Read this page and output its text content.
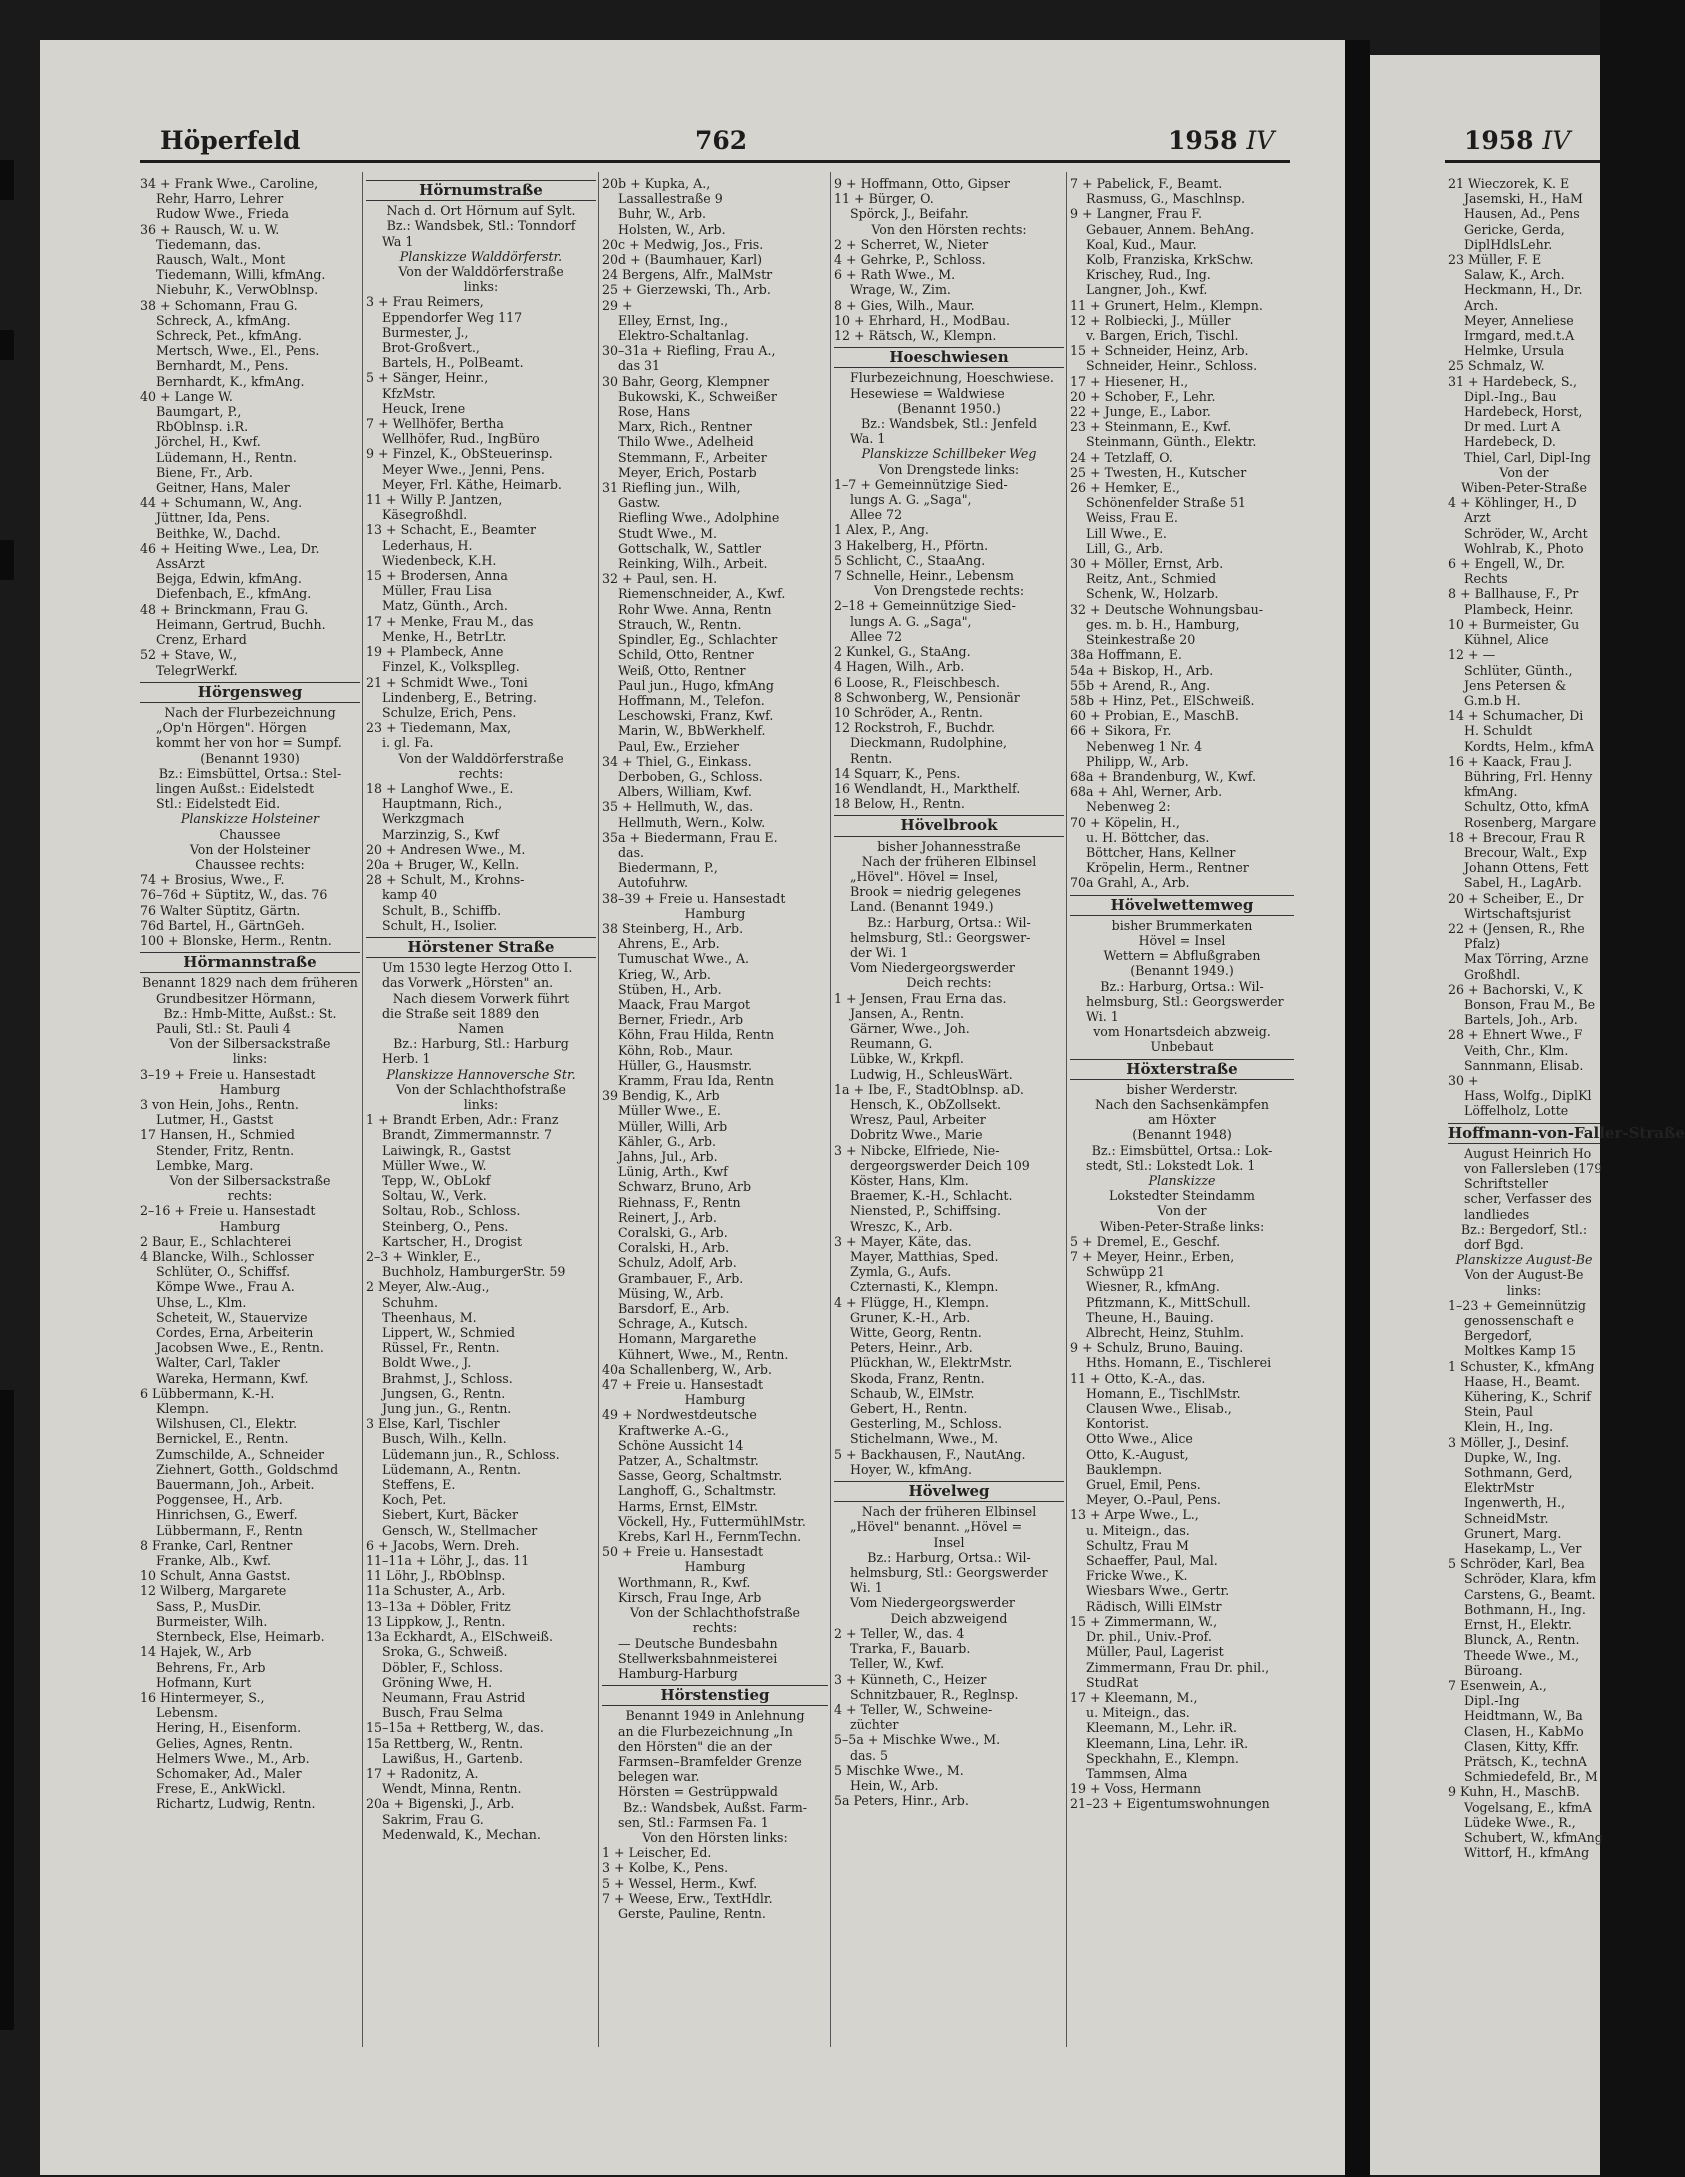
Höperfeld	762	1958 IV	1958 IV
34 + Frank Wwe., Caroline,
Rehr, Harro, Lehrer
Rudow Wwe., Frieda
36 + Rausch, W. u. W.
Tiedemann, das.
Rausch, Walt., Mont
Tiedemann, Willi, kfmAng.
Niebuhr, K., VerwOblnsp.
38 + Schomann, Frau G.
Schreck, A., kfmAng.
Schreck, Pet., kfmAng.
Mertsch, Wwe., El., Pens.
Bernhardt, M., Pens.
Bernhardt, K., kfmAng.
40 + Lange W.
Baumgart, P.,
RbOblnsp. i.R.
Jörchel, H., Kwf.
Lüdemann, H., Rentn.
Biene, Fr., Arb.
Geitner, Hans, Maler
44 + Schumann, W., Ang.
Jüttner, Ida, Pens.
Beithke, W., Dachd.
46 + Heiting Wwe., Lea, Dr.
AssArzt
Bejga, Edwin, kfmAng.
Diefenbach, E., kfmAng.
48 + Brinckmann, Frau G.
Heimann, Gertrud, Buchh.
Crenz, Erhard
52 + Stave, W.,
TelegrWerkf.
Hörgensweg
Nach der Flurbezeichnung
„Op'n Hörgen". Hörgen
kommt her von hor = Sumpf.
(Benannt 1930)
Bz.: Eimsbüttel, Ortsa.: Stel-
lingen Außst.: Eidelstedt
Stl.: Eidelstedt Eid.
Planskizze Holsteiner
Chaussee
Von der Holsteiner
Chaussee rechts:
74 + Brosius, Wwe., F.
76–76d + Süptitz, W., das. 76
76 Walter Süptitz, Gärtn.
76d Bartel, H., GärtnGeh.
100 + Blonske, Herm., Rentn.
Hörmannstraße
Benannt 1829 nach dem früheren
Grundbesitzer Hörmann,
Bz.: Hmb-Mitte, Außst.: St.
Pauli, Stl.: St. Pauli 4
Von der Silbersackstraße
links:
3–19 + Freie u. Hansestadt
Hamburg
3 von Hein, Johs., Rentn.
Lutmer, H., Gastst
17 Hansen, H., Schmied
Stender, Fritz, Rentn.
Lembke, Marg.
Von der Silbersackstraße
rechts:
2–16 + Freie u. Hansestadt
Hamburg
2 Baur, E., Schlachterei
4 Blancke, Wilh., Schlosser
Schlüter, O., Schiffsf.
Kömpe Wwe., Frau A.
Uhse, L., Klm.
Scheteit, W., Stauervize
Cordes, Erna, Arbeiterin
Jacobsen Wwe., E., Rentn.
Walter, Carl, Takler
Wareka, Hermann, Kwf.
6 Lübbermann, K.-H.
Klempn.
Wilshusen, Cl., Elektr.
Bernickel, E., Rentn.
Zumschilde, A., Schneider
Ziehnert, Gotth., Goldschmd
Bauermann, Joh., Arbeit.
Poggensee, H., Arb.
Hinrichsen, G., Ewerf.
Lübbermann, F., Rentn
8 Franke, Carl, Rentner
Franke, Alb., Kwf.
10 Schult, Anna Gastst.
12 Wilberg, Margarete
Sass, P., MusDir.
Burmeister, Wilh.
Sternbeck, Else, Heimarb.
14 Hajek, W., Arb
Behrens, Fr., Arb
Hofmann, Kurt
16 Hintermeyer, S.,
Lebensm.
Hering, H., Eisenform.
Gelies, Agnes, Rentn.
Helmers Wwe., M., Arb.
Schomaker, Ad., Maler
Frese, E., AnkWickl.
Richartz, Ludwig, Rentn.
Hörnumstraße
Nach d. Ort Hörnum auf Sylt.
Bz.: Wandsbek, Stl.: Tonndorf
Wa 1
Planskizze Walddörferstr.
Von der Walddörferstraße
links:
3 + Frau Reimers,
Eppendorfer Weg 117
Burmester, J.,
Brot-Großvert.,
Bartels, H., PolBeamt.
5 + Sänger, Heinr.,
KfzMstr.
Heuck, Irene
7 + Wellhöfer, Bertha
Wellhöfer, Rud., IngBüro
9 + Finzel, K., ObSteuerinsp.
Meyer Wwe., Jenni, Pens.
Meyer, Frl. Käthe, Heimarb.
11 + Willy P. Jantzen,
Käsegroßhdl.
13 + Schacht, E., Beamter
Lederhaus, H.
Wiedenbeck, K.H.
15 + Brodersen, Anna
Müller, Frau Lisa
Matz, Günth., Arch.
17 + Menke, Frau M., das
Menke, H., BetrLtr.
19 + Plambeck, Anne
Finzel, K., Volksplleg.
21 + Schmidt Wwe., Toni
Lindenberg, E., Betring.
Schulze, Erich, Pens.
23 + Tiedemann, Max,
i. gl. Fa.
Von der Walddörferstraße
rechts:
18 + Langhof Wwe., E.
Hauptmann, Rich.,
Werkzgmach
Marzinzig, S., Kwf
20 + Andresen Wwe., M.
20a + Bruger, W., Kelln.
28 + Schult, M., Krohns-
kamp 40
Schult, B., Schiffb.
Schult, H., Isolier.
Hörstener Straße
Um 1530 legte Herzog Otto I.
das Vorwerk „Hörsten" an.
Nach diesem Vorwerk führt
die Straße seit 1889 den
Namen
Bz.: Harburg, Stl.: Harburg
Herb. 1
Planskizze Hannoversche Str.
Von der Schlachthofstraße
links:
1 + Brandt Erben, Adr.: Franz
Brandt, Zimmermannstr. 7
Laiwingk, R., Gastst
Müller Wwe., W.
Tepp, W., ObLokf
Soltau, W., Verk.
Soltau, Rob., Schloss.
Steinberg, O., Pens.
Kartscher, H., Drogist
2–3 + Winkler, E.,
Buchholz, HamburgerStr. 59
2 Meyer, Alw.-Aug.,
Schuhm.
Theenhaus, M.
Lippert, W., Schmied
Rüssel, Fr., Rentn.
Boldt Wwe., J.
Brahmst, J., Schloss.
Jungsen, G., Rentn.
Jung jun., G., Rentn.
3 Else, Karl, Tischler
Busch, Wilh., Kelln.
Lüdemann jun., R., Schloss.
Lüdemann, A., Rentn.
Steffens, E.
Koch, Pet.
Siebert, Kurt, Bäcker
Gensch, W., Stellmacher
6 + Jacobs, Wern. Dreh.
11–11a + Löhr, J., das. 11
11 Löhr, J., RbOblnsp.
11a Schuster, A., Arb.
13–13a + Döbler, Fritz
13 Lippkow, J., Rentn.
13a Eckhardt, A., ElSchweiß.
Sroka, G., Schweiß.
Döbler, F., Schloss.
Gröning Wwe, H.
Neumann, Frau Astrid
Busch, Frau Selma
15–15a + Rettberg, W., das.
15a Rettberg, W., Rentn.
Lawißus, H., Gartenb.
17 + Radonitz, A.
Wendt, Minna, Rentn.
20a + Bigenski, J., Arb.
Sakrim, Frau G.
Medenwald, K., Mechan.
20b + Kupka, A.,
Lassallestraße 9
Buhr, W., Arb.
Holsten, W., Arb.
20c + Medwig, Jos., Fris.
20d + (Baumhauer, Karl)
24 Bergens, Alfr., MalMstr
25 + Gierzewski, Th., Arb.
29 +
Elley, Ernst, Ing.,
Elektro-Schaltanlag.
30–31a + Riefling, Frau A.,
das 31
30 Bahr, Georg, Klempner
Bukowski, K., Schweißer
Rose, Hans
Marx, Rich., Rentner
Thilo Wwe., Adelheid
Stemmann, F., Arbeiter
Meyer, Erich, Postarb
31 Riefling jun., Wilh,
Gastw.
Riefling Wwe., Adolphine
Studt Wwe., M.
Gottschalk, W., Sattler
Reinking, Wilh., Arbeit.
32 + Paul, sen. H.
Riemenschneider, A., Kwf.
Rohr Wwe. Anna, Rentn
Strauch, W., Rentn.
Spindler, Eg., Schlachter
Schild, Otto, Rentner
Weiß, Otto, Rentner
Paul jun., Hugo, kfmAng
Hoffmann, M., Telefon.
Leschowski, Franz, Kwf.
Marin, W., BbWerkhelf.
Paul, Ew., Erzieher
34 + Thiel, G., Einkass.
Derboben, G., Schloss.
Albers, William, Kwf.
35 + Hellmuth, W., das.
Hellmuth, Wern., Kolw.
35a + Biedermann, Frau E.
das.
Biedermann, P.,
Autofuhrw.
38–39 + Freie u. Hansestadt
Hamburg
38 Steinberg, H., Arb.
Ahrens, E., Arb.
Tumuschat Wwe., A.
Krieg, W., Arb.
Stüben, H., Arb.
Maack, Frau Margot
Berner, Friedr., Arb
Köhn, Frau Hilda, Rentn
Köhn, Rob., Maur.
Hüller, G., Hausmstr.
Kramm, Frau Ida, Rentn
39 Bendig, K., Arb
Müller Wwe., E.
Müller, Willi, Arb
Kähler, G., Arb.
Jahns, Jul., Arb.
Lünig, Arth., Kwf
Schwarz, Bruno, Arb
Riehnass, F., Rentn
Reinert, J., Arb.
Coralski, G., Arb.
Coralski, H., Arb.
Schulz, Adolf, Arb.
Grambauer, F., Arb.
Müsing, W., Arb.
Barsdorf, E., Arb.
Schrage, A., Kutsch.
Homann, Margarethe
Kühnert, Wwe., M., Rentn.
40a Schallenberg, W., Arb.
47 + Freie u. Hansestadt
Hamburg
49 + Nordwestdeutsche
Kraftwerke A.-G.,
Schöne Aussicht 14
Patzer, A., Schaltmstr.
Sasse, Georg, Schaltmstr.
Langhoff, G., Schaltmstr.
Harms, Ernst, ElMstr.
Vöckell, Hy., FuttermühlMstr.
Krebs, Karl H., FernmTechn.
50 + Freie u. Hansestadt
Hamburg
Worthmann, R., Kwf.
Kirsch, Frau Inge, Arb
Von der Schlachthofstraße
rechts:
— Deutsche Bundesbahn
Stellwerksbahnmeisterei
Hamburg-Harburg
Hörstenstieg
Benannt 1949 in Anlehnung
an die Flurbezeichnung „In
den Hörsten" die an der
Farmsen–Bramfelder Grenze
belegen war.
Hörsten = Gestrüppwald
Bz.: Wandsbek, Außst. Farm-
sen, Stl.: Farmsen Fa. 1
Von den Hörsten links:
1 + Leischer, Ed.
3 + Kolbe, K., Pens.
5 + Wessel, Herm., Kwf.
7 + Weese, Erw., TextHdlr.
Gerste, Pauline, Rentn.
9 + Hoffmann, Otto, Gipser
11 + Bürger, O.
Spörck, J., Beifahr.
Von den Hörsten rechts:
2 + Scherret, W., Nieter
4 + Gehrke, P., Schloss.
6 + Rath Wwe., M.
Wrage, W., Zim.
8 + Gies, Wilh., Maur.
10 + Ehrhard, H., ModBau.
12 + Rätsch, W., Klempn.
Hoeschwiesen
Flurbezeichnung, Hoeschwiese.
Hesewiese = Waldwiese
(Benannt 1950.)
Bz.: Wandsbek, Stl.: Jenfeld
Wa. 1
Planskizze Schillbeker Weg
Von Drengstede links:
1–7 + Gemeinnützige Sied-
lungs A. G. „Saga",
Allee 72
1 Alex, P., Ang.
3 Hakelberg, H., Pförtn.
5 Schlicht, C., StaaAng.
7 Schnelle, Heinr., Lebensm
Von Drengstede rechts:
2–18 + Gemeinnützige Sied-
lungs A. G. „Saga",
Allee 72
2 Kunkel, G., StaAng.
4 Hagen, Wilh., Arb.
6 Loose, R., Fleischbesch.
8 Schwonberg, W., Pensionär
10 Schröder, A., Rentn.
12 Rockstroh, F., Buchdr.
Dieckmann, Rudolphine,
Rentn.
14 Squarr, K., Pens.
16 Wendlandt, H., Markthelf.
18 Below, H., Rentn.
Hövelbrook
bisher Johannesstraße
Nach der früheren Elbinsel
„Hövel". Hövel = Insel,
Brook = niedrig gelegenes
Land. (Benannt 1949.)
Bz.: Harburg, Ortsa.: Wil-
helmsburg, Stl.: Georgswer-
der Wi. 1
Vom Niedergeorgswerder
Deich rechts:
1 + Jensen, Frau Erna das.
Jansen, A., Rentn.
Gärner, Wwe., Joh.
Reumann, G.
Lübke, W., Krkpfl.
Ludwig, H., SchleusWärt.
1a + Ibe, F., StadtOblnsp. aD.
Hensch, K., ObZollsekt.
Wresz, Paul, Arbeiter
Dobritz Wwe., Marie
3 + Nibcke, Elfriede, Nie-
dergeorgswerder Deich 109
Köster, Hans, Klm.
Braemer, K.-H., Schlacht.
Niensted, P., Schiffsing.
Wreszc, K., Arb.
3 + Mayer, Käte, das.
Mayer, Matthias, Sped.
Zymla, G., Aufs.
Czternasti, K., Klempn.
4 + Flügge, H., Klempn.
Gruner, K.-H., Arb.
Witte, Georg, Rentn.
Peters, Heinr., Arb.
Plückhan, W., ElektrMstr.
Skoda, Franz, Rentn.
Schaub, W., ElMstr.
Gebert, H., Rentn.
Gesterling, M., Schloss.
Stichelmann, Wwe., M.
5 + Backhausen, F., NautAng.
Hoyer, W., kfmAng.
Hövelweg
Nach der früheren Elbinsel
„Hövel" benannt. „Hövel =
Insel
Bz.: Harburg, Ortsa.: Wil-
helmsburg, Stl.: Georgswerder
Wi. 1
Vom Niedergeorgswerder
Deich abzweigend
2 + Teller, W., das. 4
Trarka, F., Bauarb.
Teller, W., Kwf.
3 + Künneth, C., Heizer
Schnitzbauer, R., Reglnsp.
4 + Teller, W., Schweine-
züchter
5–5a + Mischke Wwe., M.
das. 5
5 Mischke Wwe., M.
Hein, W., Arb.
5a Peters, Hinr., Arb.
7 + Pabelick, F., Beamt.
Rasmuss, G., Maschlnsp.
9 + Langner, Frau F.
Gebauer, Annem. BehAng.
Koal, Kud., Maur.
Kolb, Franziska, KrkSchw.
Krischey, Rud., Ing.
Langner, Joh., Kwf.
11 + Grunert, Helm., Klempn.
12 + Rolbiecki, J., Müller
v. Bargen, Erich, Tischl.
15 + Schneider, Heinz, Arb.
Schneider, Heinr., Schloss.
17 + Hiesener, H.,
20 + Schober, F., Lehr.
22 + Junge, E., Labor.
23 + Steinmann, E., Kwf.
Steinmann, Günth., Elektr.
24 + Tetzlaff, O.
25 + Twesten, H., Kutscher
26 + Hemker, E.,
Schönenfelder Straße 51
Weiss, Frau E.
Lill Wwe., E.
Lill, G., Arb.
30 + Möller, Ernst, Arb.
Reitz, Ant., Schmied
Schenk, W., Holzarb.
32 + Deutsche Wohnungsbau-
ges. m. b. H., Hamburg,
Steinkestraße 20
38a Hoffmann, E.
54a + Biskop, H., Arb.
55b + Arend, R., Ang.
58b + Hinz, Pet., ElSchweiß.
60 + Probian, E., MaschB.
66 + Sikora, Fr.
Nebenweg 1 Nr. 4
Philipp, W., Arb.
68a + Brandenburg, W., Kwf.
68a + Ahl, Werner, Arb.
Nebenweg 2:
70 + Köpelin, H.,
u. H. Böttcher, das.
Böttcher, Hans, Kellner
Kröpelin, Herm., Rentner
70a Grahl, A., Arb.
Hövelwettemweg
bisher Brummerkaten
Hövel = Insel
Wettern = Abflußgraben
(Benannt 1949.)
Bz.: Harburg, Ortsa.: Wil-
helmsburg, Stl.: Georgswerder
Wi. 1
vom Honartsdeich abzweig.
Unbebaut
Höxterstraße
bisher Werderstr.
Nach den Sachsenkämpfen
am Höxter
(Benannt 1948)
Bz.: Eimsbüttel, Ortsa.: Lok-
stedt, Stl.: Lokstedt Lok. 1
Planskizze
Lokstedter Steindamm
Von der
Wiben-Peter-Straße links:
5 + Dremel, E., Geschf.
7 + Meyer, Heinr., Erben,
Schwüpp 21
Wiesner, R., kfmAng.
Pfitzmann, K., MittSchull.
Theune, H., Bauing.
Albrecht, Heinz, Stuhlm.
9 + Schulz, Bruno, Bauing.
Hths. Homann, E., Tischlerei
11 + Otto, K.-A., das.
Homann, E., TischlMstr.
Clausen Wwe., Elisab.,
Kontorist.
Otto Wwe., Alice
Otto, K.-August,
Bauklempn.
Gruel, Emil, Pens.
Meyer, O.-Paul, Pens.
13 + Arpe Wwe., L.,
u. Miteign., das.
Schultz, Frau M
Schaeffer, Paul, Mal.
Fricke Wwe., K.
Wiesbars Wwe., Gertr.
Rädisch, Willi ElMstr
15 + Zimmermann, W.,
Dr. phil., Univ.-Prof.
Müller, Paul, Lagerist
Zimmermann, Frau Dr. phil.,
StudRat
17 + Kleemann, M.,
u. Miteign., das.
Kleemann, M., Lehr. iR.
Kleemann, Lina, Lehr. iR.
Speckhahn, E., Klempn.
Tammsen, Alma
19 + Voss, Hermann
21–23 + Eigentumswohnungen
21 Wieczorek, K. E
Jasemski, H., HaM
Hausen, Ad., Pens
Gericke, Gerda,
DiplHdlsLehr.
23 Müller, F. E
Salaw, K., Arch.
Heckmann, H., Dr.
Arch.
Meyer, Anneliese
Irmgard, med.t.A
Helmke, Ursula
25 Schmalz, W.
31 + Hardebeck, S.,
Dipl.-Ing., Bau
Hardebeck, Horst,
Dr med. Lurt A
Hardebeck, D.
Thiel, Carl, Dipl-Ing
Von der
Wiben-Peter-Straße
4 + Köhlinger, H., D
Arzt
Schröder, W., Archt
Wohlrab, K., Photo
6 + Engell, W., Dr.
Rechts
8 + Ballhause, F., Pr
Plambeck, Heinr.
10 + Burmeister, Gu
Kühnel, Alice
12 + —
Schlüter, Günth.,
Jens Petersen &
G.m.b H.
14 + Schumacher, Di
H. Schuldt
Kordts, Helm., kfmA
16 + Kaack, Frau J.
Bühring, Frl. Henny
kfmAng.
Schultz, Otto, kfmA
Rosenberg, Margare
18 + Brecour, Frau R
Brecour, Walt., Exp
Johann Ottens, Fett
Sabel, H., LagArb.
20 + Scheiber, E., Dr
Wirtschaftsjurist
22 + (Jensen, R., Rhe
Pfalz)
Max Törring, Arzne
Großhdl.
26 + Bachorski, V., K
Bonson, Frau M., Be
Bartels, Joh., Arb.
28 + Ehnert Wwe., F
Veith, Chr., Klm.
Sannmann, Elisab.
30 +
Hass, Wolfg., DiplKl
Löffelholz, Lotte
Hoffmann-von-Faller-Straße
August Heinrich Ho
von Fallersleben (179
Schriftsteller
scher, Verfasser des
landliedes
Bz.: Bergedorf, Stl.:
dorf Bgd.
Planskizze August-Be
Von der August-Be
links:
1–23 + Gemeinnützig
genossenschaft e
Bergedorf,
Moltkes Kamp 15
1 Schuster, K., kfmAng
Haase, H., Beamt.
Kühering, K., Schrif
Stein, Paul
Klein, H., Ing.
3 Möller, J., Desinf.
Dupke, W., Ing.
Sothmann, Gerd,
ElektrMstr
Ingenwerth, H.,
SchneidMstr.
Grunert, Marg.
Hasekamp, L., Ver
5 Schröder, Karl, Bea
Schröder, Klara, kfm
Carstens, G., Beamt.
Bothmann, H., Ing.
Ernst, H., Elektr.
Blunck, A., Rentn.
Theede Wwe., M.,
Büroang.
7 Esenwein, A.,
Dipl.-Ing
Heidtmann, W., Ba
Clasen, H., KabMo
Clasen, Kitty, Kffr.
Prätsch, K., technA
Schmiedefeld, Br., M
9 Kuhn, H., MaschB.
Vogelsang, E., kfmA
Lüdeke Wwe., R.,
Schubert, W., kfmAng
Wittorf, H., kfmAng
